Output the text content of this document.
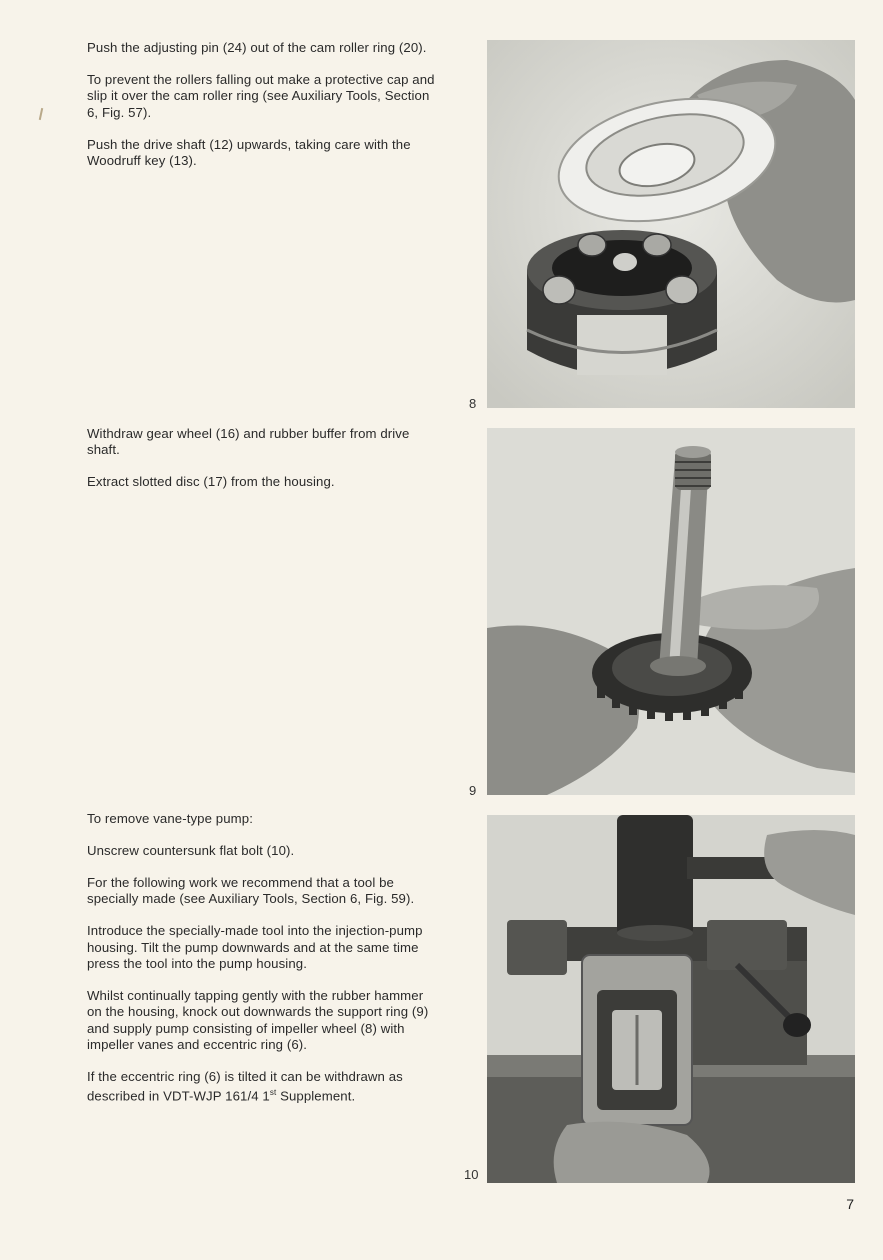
Push the adjusting pin (24) out of the cam roller ring (20).

To prevent the rollers falling out make a protective cap and slip it over the cam roller ring (see Auxiliary Tools, Section 6, Fig. 57).

Push the drive shaft (12) upwards, taking care with the Woodruff key (13).

8

Withdraw gear wheel (16) and rubber buffer from drive shaft.

Extract slotted disc (17) from the housing.

9

To remove vane-type pump:

Unscrew countersunk flat bolt (10).

For the following work we recommend that a tool be specially made (see Auxiliary Tools, Section 6, Fig. 59).

Introduce the specially-made tool into the injection-pump housing. Tilt the pump downwards and at the same time press the tool into the pump housing.

Whilst continually tapping gently with the rubber hammer on the housing, knock out downwards the support ring (9) and supply pump consisting of impeller wheel (8) with impeller vanes and eccentric ring (6).

If the eccentric ring (6) is tilted it can be withdrawn as described in VDT-WJP 161/4 1st Supplement.

10
7
